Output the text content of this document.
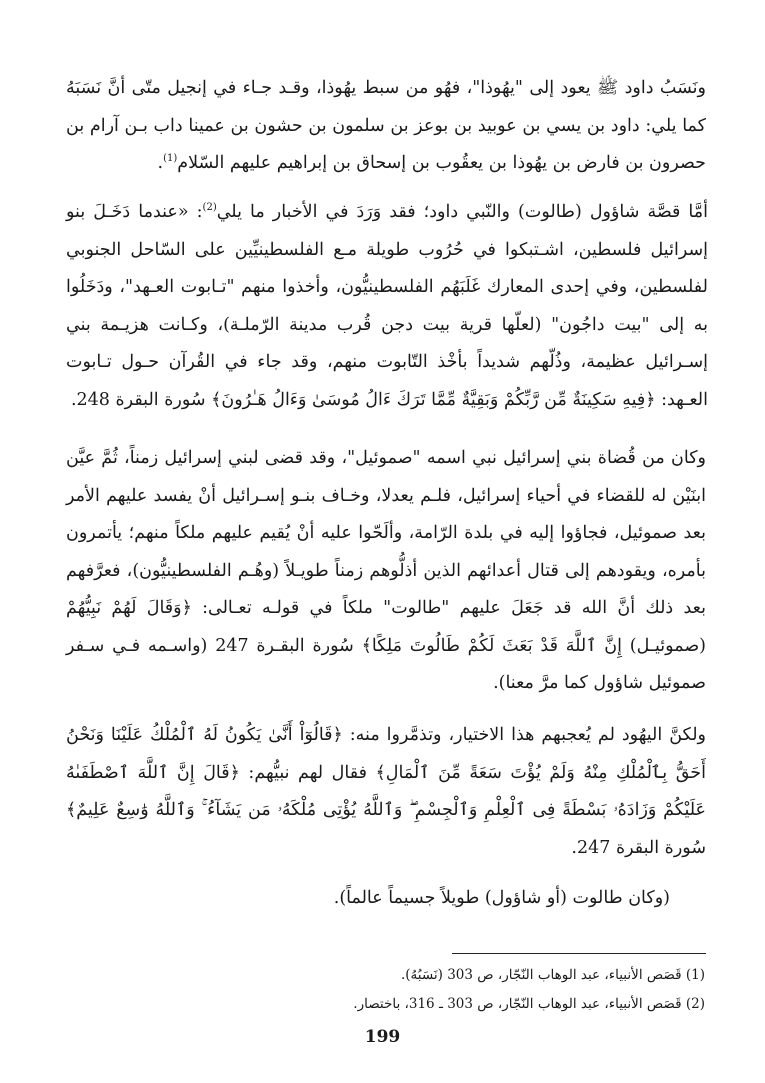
ونَسَبُ داود ﷺ يعود إلى "يهُوذا"، فهُو من سبط يهُوذا، وقـد جـاء في إنجيل متّى أنَّ نَسَبَهُ كما يلي: داود بن يسي بن عوبيد بن بوعز بن سلمون بن حشون بن عمينا داب بـن آرام بن حصرون بن فارض بن يهُوذا بن يعقُوب بن إسحاق بن إبراهيم عليهم السّلام$^{(1)}$.

أمَّا قصَّة شاؤول (طالوت) والنّبي داود؛ فقد وَرَدَ في الأخبار ما يلي$^{(2)}$: «عندما دَخَـلَ بنو إسرائيل فلسطين، اشـتبكوا في حُرُوب طويلة مـع الفلسطينيِّين على السّاحل الجنوبي لفلسطين، وفي إحدى المعارك غَلَبَهُم الفلسطينيُّون، وأخذوا منهم "تـابوت العـهد"، ودَخَلُوا به إلى "بيت داجُون" (لعلّها قرية بيت دجن قُرب مدينة الرّملـة)، وكـانت هزيـمة بني إسـرائيل عظيمة، وذُلّهم شديداً بأخْذ التّابوت منهم، وقد جاء في القُرآن حـول تـابوت العـهد: ﴿فِيهِ سَكِينَةٌ مِّن رَّبِّكُمْ وَبَقِيَّةٌ مِّمَّا تَرَكَ ءَالُ مُوسَىٰ وَءَالُ هَـٰرُونَ﴾ سُورة البقرة 248.

وكان من قُضاة بني إسرائيل نبي اسمه "صموئيل"، وقد قضى لبني إسرائيل زمناً، ثُمَّ عيَّن ابنَيْن له للقضاء في أحياء إسرائيل، فلـم يعدلا، وخـاف بنـو إسـرائيل أنْ يفسد عليهم الأمر بعد صموئيل، فجاؤوا إليه في بلدة الرّامة، وألَحّوا عليه أنْ يُقيم عليهم ملكاً منهم؛ يأتمرون بأمره، ويقودهم إلى قتال أعدائهم الذين أذلُّوهم زمناً طويـلاً (وهُـم الفلسطينيُّون)، فعرَّفهم بعد ذلك أنَّ الله قد جَعَلَ عليهم "طالوت" ملكاً في قولـه تعـالى: ﴿وَقَالَ لَهُمْ نَبِيُّهُمْ (صموئيـل) إِنَّ ٱللَّهَ قَدْ بَعَثَ لَكُمْ طَالُوتَ مَلِكًا﴾ سُورة البقـرة 247 (واسـمه فـي سـفر صموئيل شاؤول كما مرَّ معنا).

ولكنَّ اليهُود لم يُعجبهم هذا الاختيار، وتذمَّروا منه: ﴿قَالُوٓاْ أَنَّىٰ يَكُونُ لَهُ ٱلْمُلْكُ عَلَيْنَا وَنَحْنُ أَحَقُّ بِٱلْمُلْكِ مِنْهُ وَلَمْ يُؤْتَ سَعَةً مِّنَ ٱلْمَالِ﴾ فقال لهم نبيُّهم: ﴿قَالَ إِنَّ ٱللَّهَ ٱصْطَفَىٰهُ عَلَيْكُمْ وَزَادَهُۥ بَسْطَةً فِى ٱلْعِلْمِ وَٱلْجِسْمِ ۖ وَٱللَّهُ يُؤْتِى مُلْكَهُۥ مَن يَشَآءُ ۚ وَٱللَّهُ وَٰسِعٌ عَلِيمٌ﴾ سُورة البقرة 247.

(وكان طالوت (أو شاؤول) طويلاً جسيماً عالماً).

(1) قَصَص الأنبياء، عبد الوهاب النّجّار، ص 303 (نَسَبُهُ).

(2) قَصَص الأنبياء، عبد الوهاب النّجّار، ص 303 ـ 316، باختصار.

199
